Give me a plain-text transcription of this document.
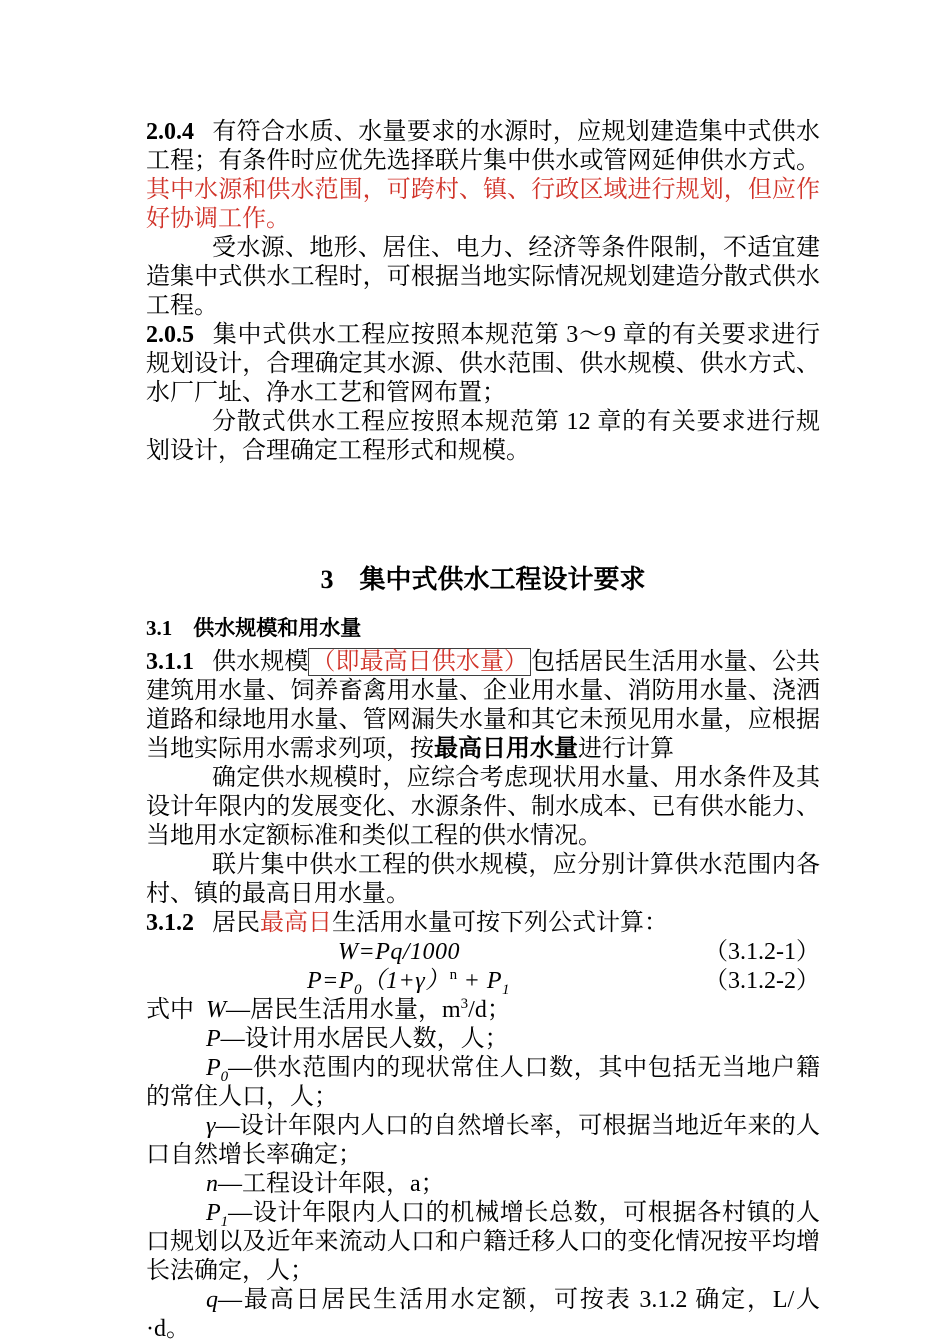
2.0.4 有符合水质、水量要求的水源时，应规划建造集中式供水工程；有条件时应优先选择联片集中供水或管网延伸供水方式。其中水源和供水范围，可跨村、镇、行政区域进行规划，但应作好协调工作。
受水源、地形、居住、电力、经济等条件限制，不适宜建造集中式供水工程时，可根据当地实际情况规划建造分散式供水工程。
2.0.5 集中式供水工程应按照本规范第 3～9 章的有关要求进行规划设计，合理确定其水源、供水范围、供水规模、供水方式、水厂厂址、净水工艺和管网布置；
分散式供水工程应按照本规范第 12 章的有关要求进行规划设计，合理确定工程形式和规模。
3　集中式供水工程设计要求
3.1　供水规模和用水量
3.1.1 供水规模 （即最高日供水量） 包括居民生活用水量、公共建筑用水量、饲养畜禽用水量、企业用水量、消防用水量、浇洒道路和绿地用水量、管网漏失水量和其它未预见用水量，应根据当地实际用水需求列项，按最高日用水量进行计算
确定供水规模时，应综合考虑现状用水量、用水条件及其设计年限内的发展变化、水源条件、制水成本、已有供水能力、当地用水定额标准和类似工程的供水情况。
联片集中供水工程的供水规模，应分别计算供水范围内各村、镇的最高日用水量。
3.1.2 居民最高日生活用水量可按下列公式计算：
W=Pq/1000	（3.1.2-1）
$P=P_0(1+\gamma)^n + P_1$	（3.1.2-2）
式中 W—居民生活用水量，$m^3/d$；
P—设计用水居民人数，人；
$P_0—$供水范围内的现状常住人口数，其中包括无当地户籍的常住人口，人；
γ—设计年限内人口的自然增长率，可根据当地近年来的人口自然增长率确定；
n—工程设计年限，a；
$P_1—$设计年限内人口的机械增长总数，可根据各村镇的人口规划以及近年来流动人口和户籍迁移人口的变化情况按平均增长法确定，人；
q—最高日居民生活用水定额，可按表 3.1.2 确定，L/人·d。
